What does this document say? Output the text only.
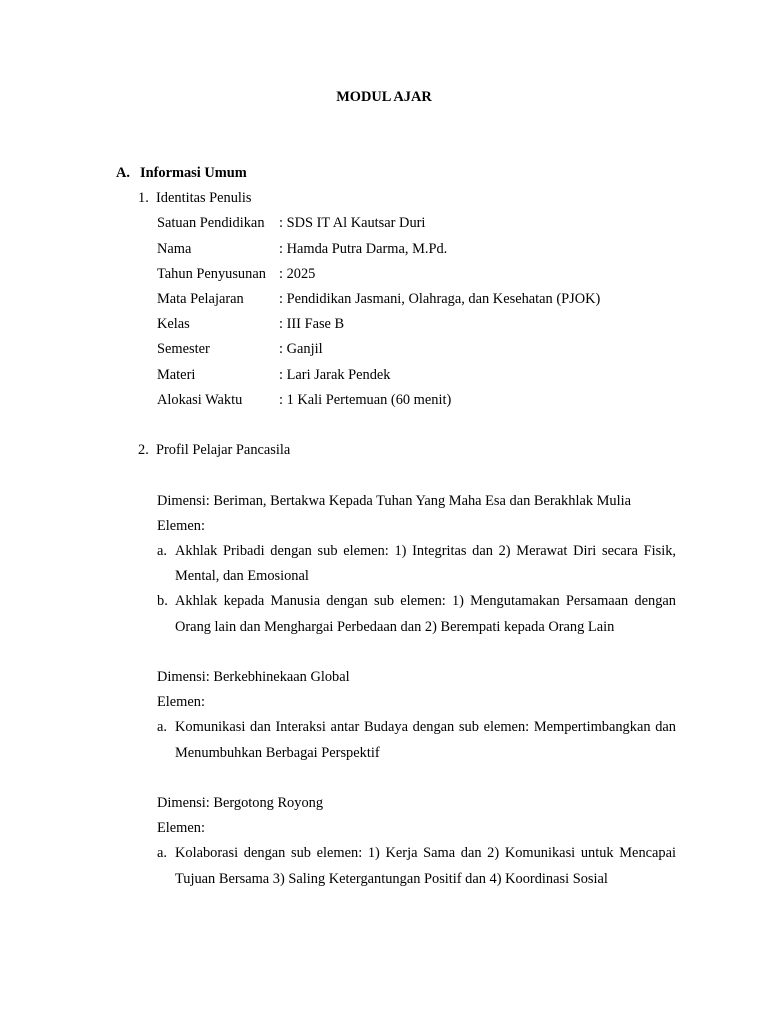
MODUL AJAR
A. Informasi Umum
1. Identitas Penulis
Satuan Pendidikan	: SDS IT Al Kautsar Duri
Nama	: Hamda Putra Darma, M.Pd.
Tahun Penyusunan	: 2025
Mata Pelajaran	: Pendidikan Jasmani, Olahraga, dan Kesehatan (PJOK)
Kelas	: III Fase B
Semester	: Ganjil
Materi	: Lari Jarak Pendek
Alokasi Waktu	: 1 Kali Pertemuan (60 menit)
2. Profil Pelajar Pancasila
Dimensi: Beriman, Bertakwa Kepada Tuhan Yang Maha Esa dan Berakhlak Mulia
Elemen:
a. Akhlak Pribadi dengan sub elemen: 1) Integritas dan 2) Merawat Diri secara Fisik, Mental, dan Emosional
b. Akhlak kepada Manusia dengan sub elemen: 1) Mengutamakan Persamaan dengan Orang lain dan Menghargai Perbedaan dan 2) Berempati kepada Orang Lain
Dimensi: Berkebhinekaan Global
Elemen:
a. Komunikasi dan Interaksi antar Budaya dengan sub elemen: Mempertimbangkan dan Menumbuhkan Berbagai Perspektif
Dimensi: Bergotong Royong
Elemen:
a. Kolaborasi dengan sub elemen: 1) Kerja Sama dan 2) Komunikasi untuk Mencapai Tujuan Bersama 3) Saling Ketergantungan Positif dan 4) Koordinasi Sosial
